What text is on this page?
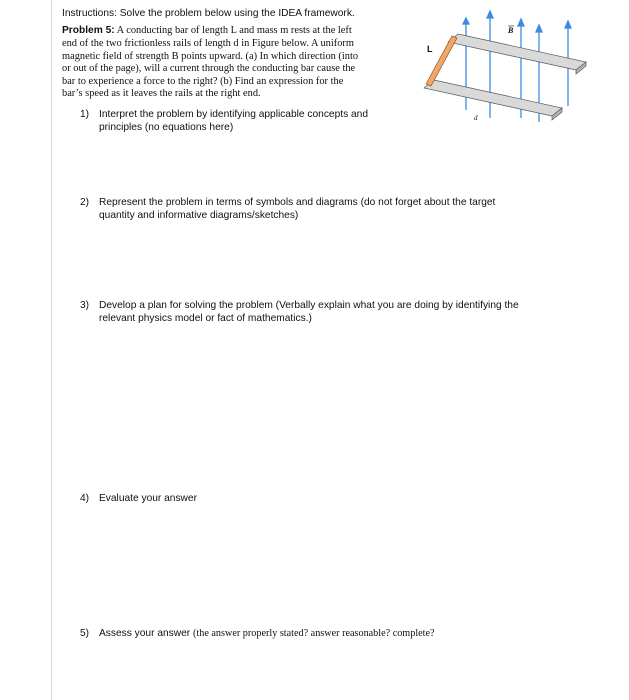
Instructions: Solve the problem below using the IDEA framework.
Problem 5: A conducting bar of length L and mass m rests at the left
end of the two frictionless rails of length d in Figure below. A uniform
magnetic field of strength B points upward. (a) In which direction (into
or out of the page), will a current through the conducting bar cause the
bar to experience a force to the right? (b) Find an expression for the
bar’s speed as it leaves the rails at the right end.
1) Interpret the problem by identifying applicable concepts and
principles (no equations here)
2) Represent the problem in terms of symbols and diagrams (do not forget about the target
quantity and informative diagrams/sketches)
3) Develop a plan for solving the problem (Verbally explain what you are doing by identifying the
relevant physics model or fact of mathematics.)
4) Evaluate your answer
5) Assess your answer (the answer properly stated? answer reasonable? complete?
L
B
d
